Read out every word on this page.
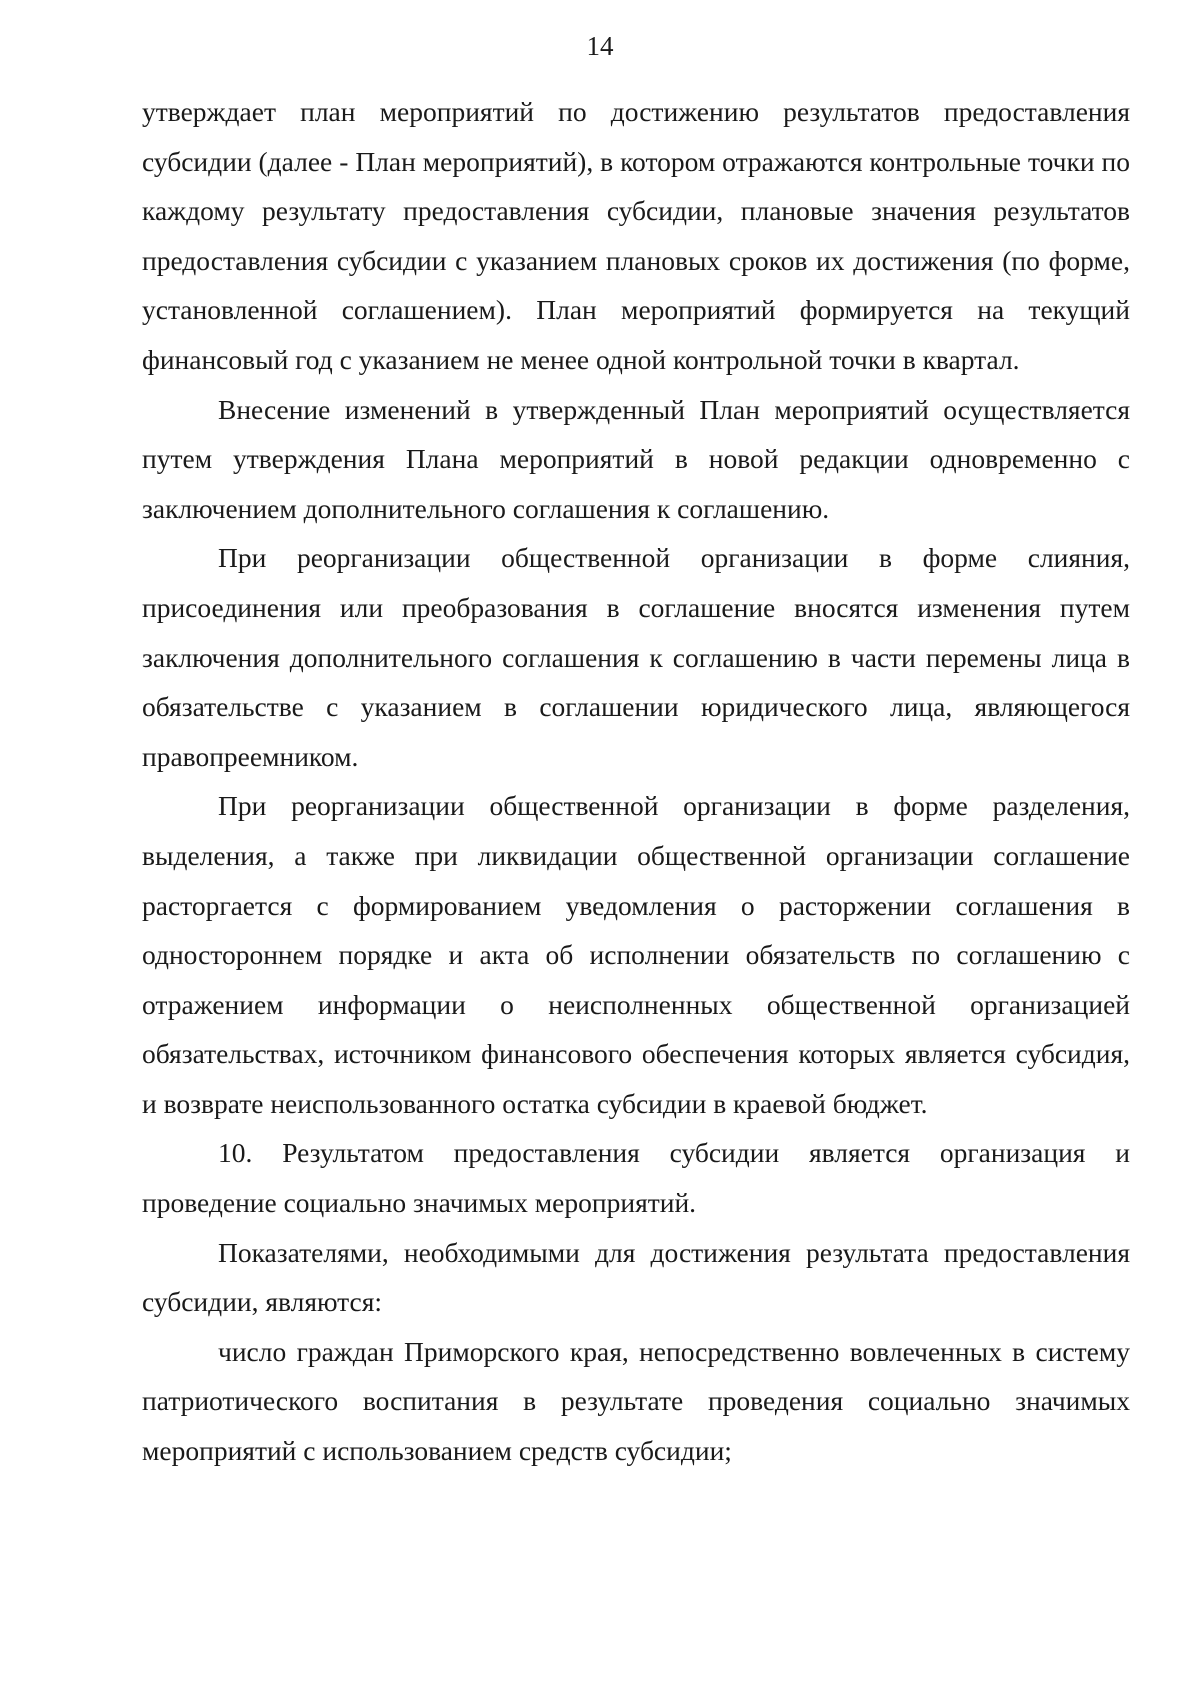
14

утверждает план мероприятий по достижению результатов предоставления субсидии (далее - План мероприятий), в котором отражаются контрольные точки по каждому результату предоставления субсидии, плановые значения результатов предоставления субсидии с указанием плановых сроков их достижения (по форме, установленной соглашением). План мероприятий формируется на текущий финансовый год с указанием не менее одной контрольной точки в квартал.

Внесение изменений в утвержденный План мероприятий осуществляется путем утверждения Плана мероприятий в новой редакции одновременно с заключением дополнительного соглашения к соглашению.

При реорганизации общественной организации в форме слияния, присоединения или преобразования в соглашение вносятся изменения путем заключения дополнительного соглашения к соглашению в части перемены лица в обязательстве с указанием в соглашении юридического лица, являющегося правопреемником.

При реорганизации общественной организации в форме разделения, выделения, а также при ликвидации общественной организации соглашение расторгается с формированием уведомления о расторжении соглашения в одностороннем порядке и акта об исполнении обязательств по соглашению с отражением информации о неисполненных общественной организацией обязательствах, источником финансового обеспечения которых является субсидия, и возврате неиспользованного остатка субсидии в краевой бюджет.

10. Результатом предоставления субсидии является организация и проведение социально значимых мероприятий.

Показателями, необходимыми для достижения результата предоставления субсидии, являются:

число граждан Приморского края, непосредственно вовлеченных в систему патриотического воспитания в результате проведения социально значимых мероприятий с использованием средств субсидии;
